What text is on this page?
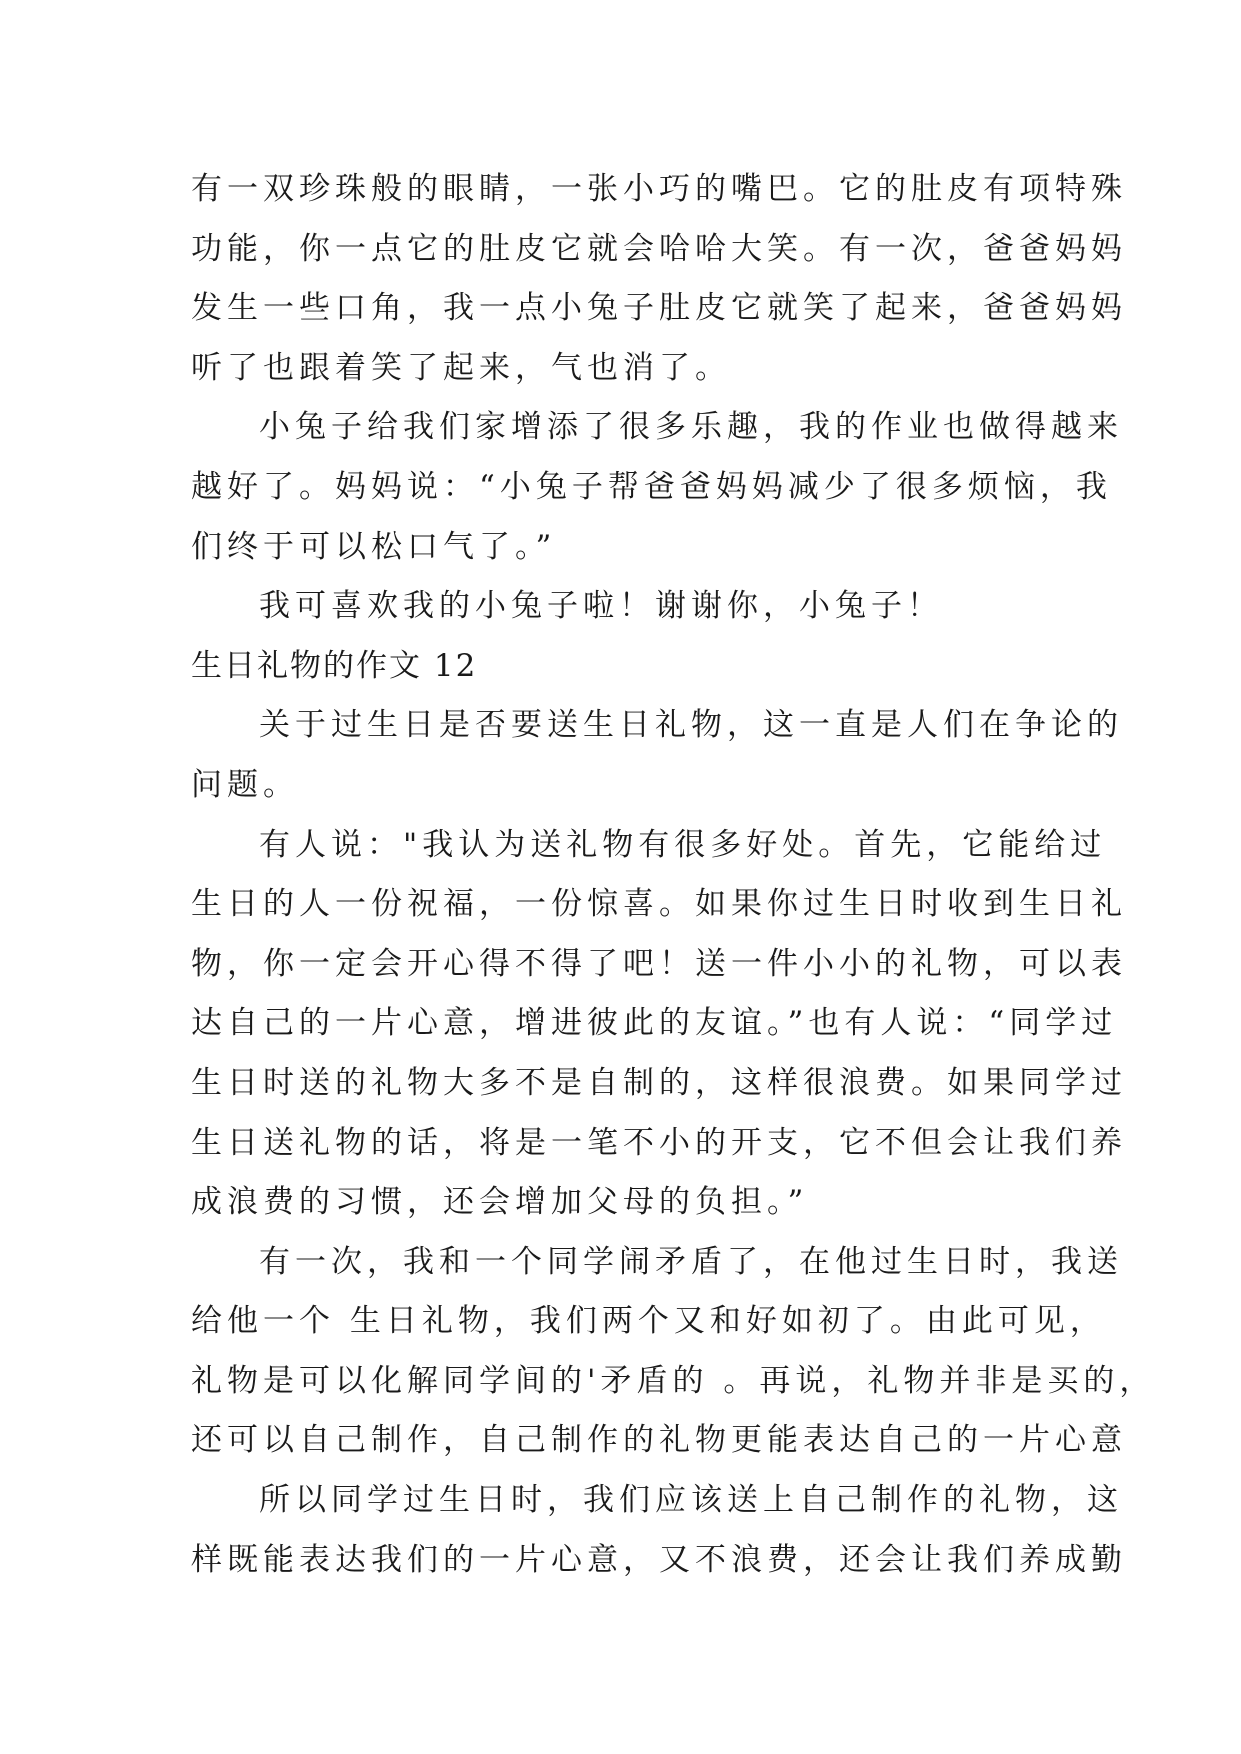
有一双珍珠般的眼睛，一张小巧的嘴巴。它的肚皮有项特殊
功能，你一点它的肚皮它就会哈哈大笑。有一次，爸爸妈妈
发生一些口角，我一点小兔子肚皮它就笑了起来，爸爸妈妈
听了也跟着笑了起来，气也消了。
小兔子给我们家增添了很多乐趣，我的作业也做得越来
越好了。妈妈说：“小兔子帮爸爸妈妈减少了很多烦恼，我
们终于可以松口气了。”
我可喜欢我的小兔子啦！谢谢你，小兔子！
生日礼物的作文 12
关于过生日是否要送生日礼物，这一直是人们在争论的
问题。
有人说："我认为送礼物有很多好处。首先，它能给过
生日的人一份祝福，一份惊喜。如果你过生日时收到生日礼
物，你一定会开心得不得了吧！送一件小小的礼物，可以表
达自己的一片心意，增进彼此的友谊。”也有人说：“同学过
生日时送的礼物大多不是自制的，这样很浪费。如果同学过
生日送礼物的话，将是一笔不小的开支，它不但会让我们养
成浪费的习惯，还会增加父母的负担。”
有一次，我和一个同学闹矛盾了，在他过生日时，我送
给他一个 生日礼物，我们两个又和好如初了。由此可见，
礼物是可以化解同学间的'矛盾的 。再说，礼物并非是买的，
还可以自己制作，自己制作的礼物更能表达自己的一片心意
所以同学过生日时，我们应该送上自己制作的礼物，这
样既能表达我们的一片心意，又不浪费，还会让我们养成勤
